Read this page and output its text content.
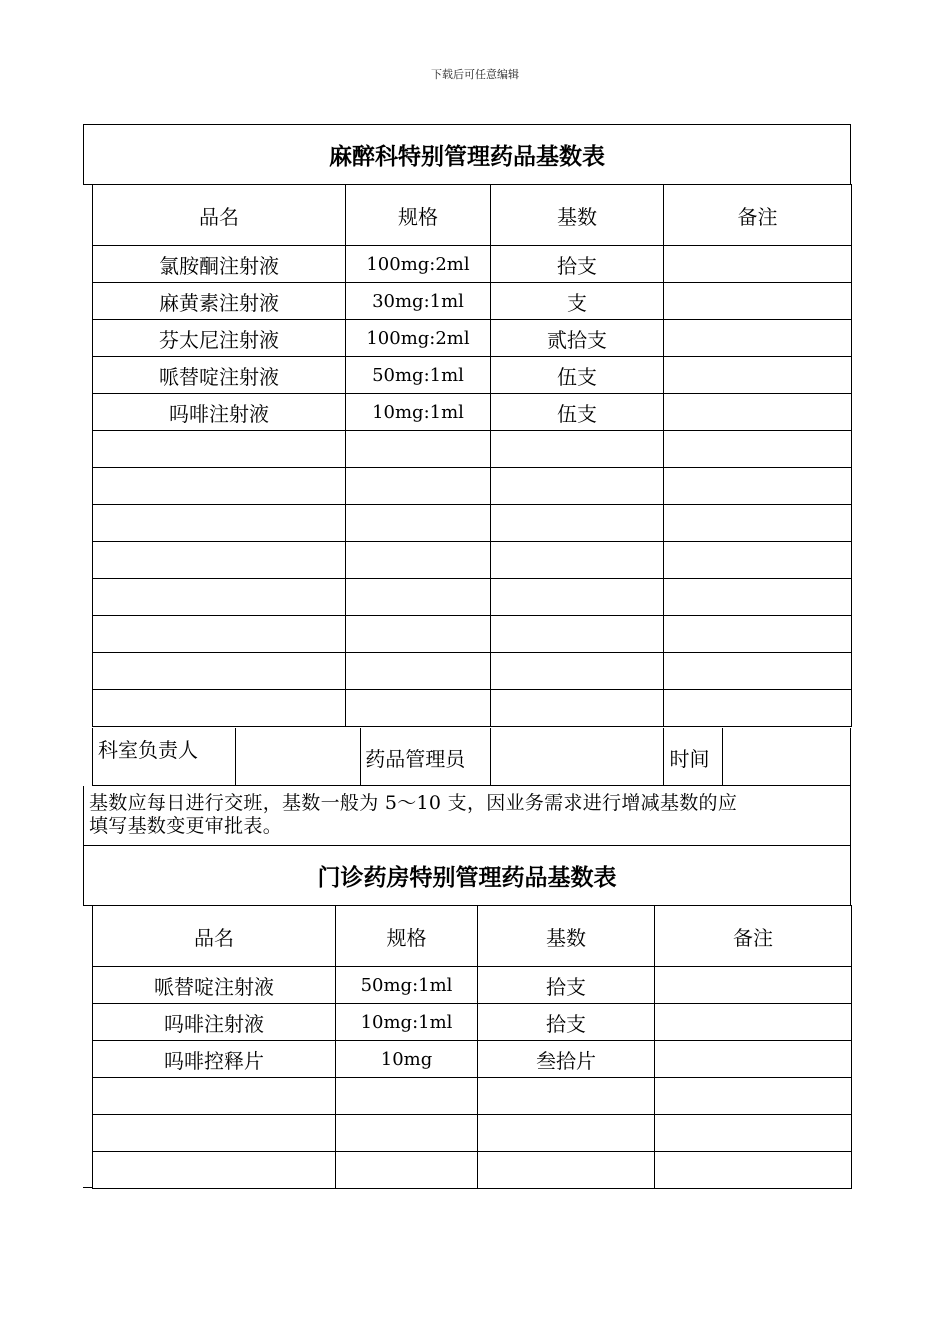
下载后可任意编辑
麻醉科特别管理药品基数表
品名	规格	基数	备注
氯胺酮注射液	100mg:2ml	拾支	
麻黄素注射液	30mg:1ml	支	
芬太尼注射液	100mg:2ml	贰拾支	
哌替啶注射液	50mg:1ml	伍支	
吗啡注射液	10mg:1ml	伍支	

科室负责人	药品管理员	时间
基数应每日进行交班，基数一般为 5～10 支，因业务需求进行增减基数的应
填写基数变更审批表。
门诊药房特别管理药品基数表
品名	规格	基数	备注
哌替啶注射液	50mg:1ml	拾支	
吗啡注射液	10mg:1ml	拾支	
吗啡控释片	10mg	叁拾片	
